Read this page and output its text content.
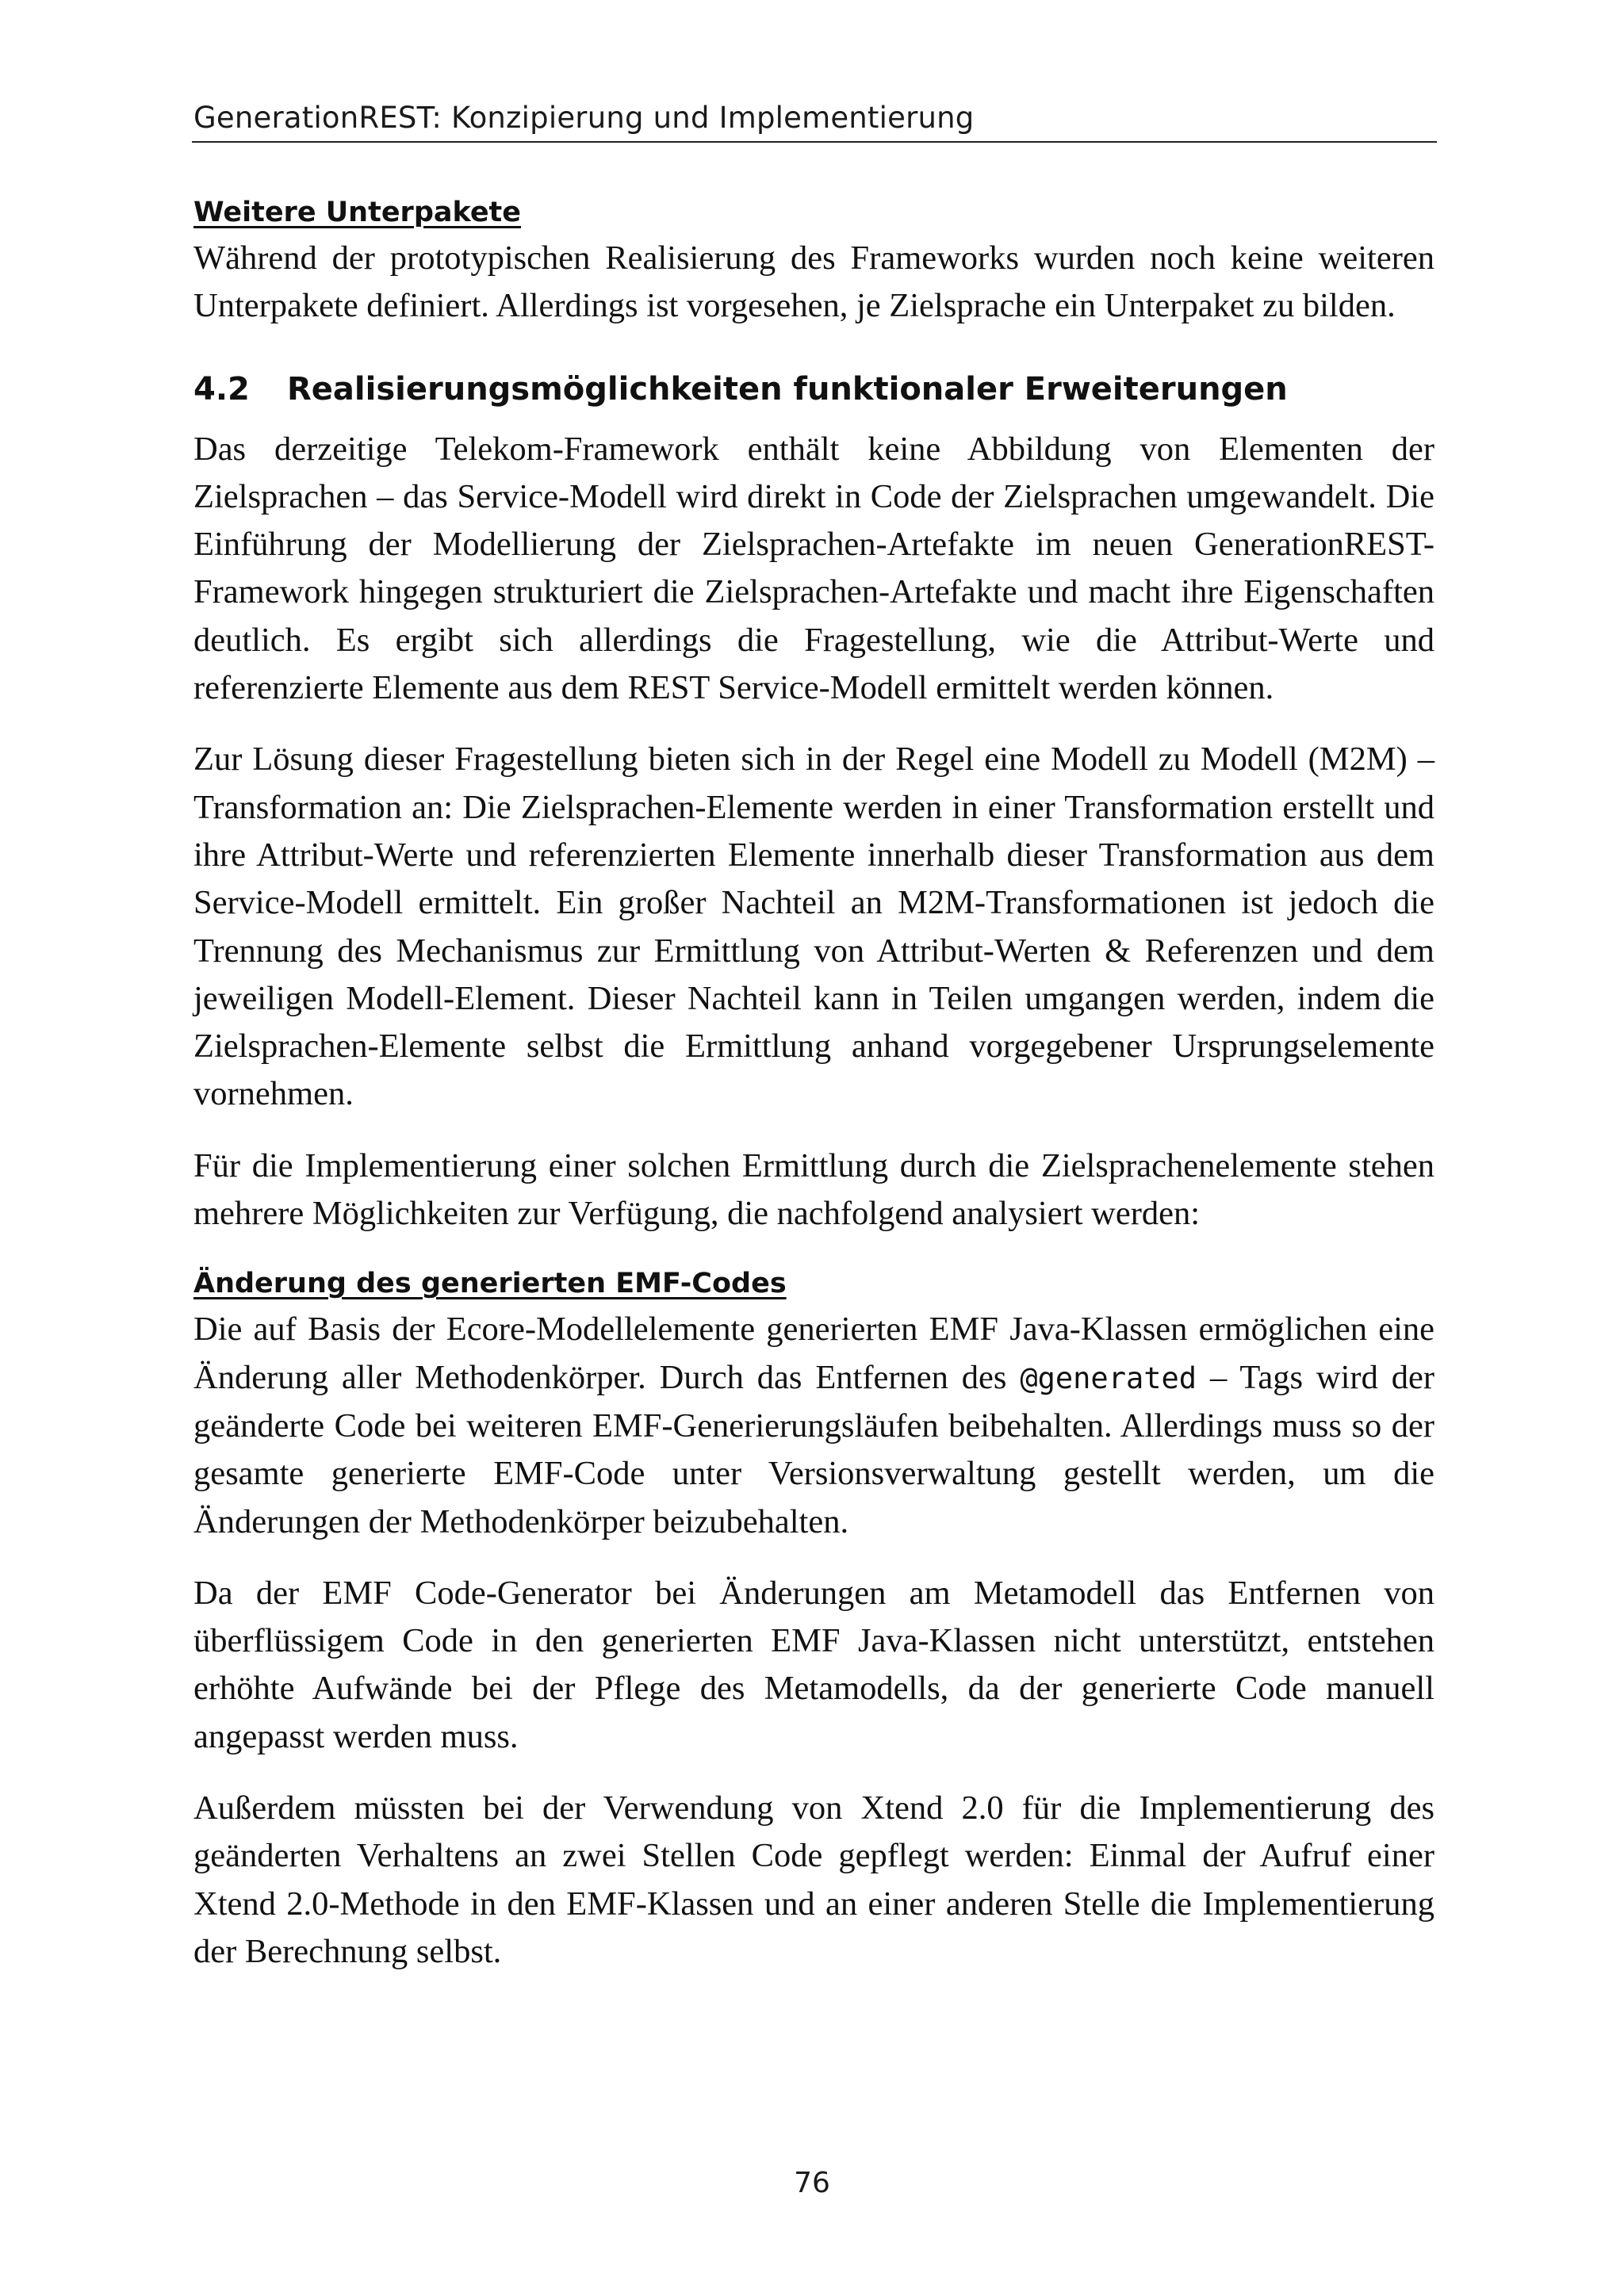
GenerationREST: Konzipierung und Implementierung
Weitere Unterpakete

Während der prototypischen Realisierung des Frameworks wurden noch keine weiteren Unterpakete definiert. Allerdings ist vorgesehen, je Zielsprache ein Unterpaket zu bilden.

4.2 Realisierungsmöglichkeiten funktionaler Erweiterungen

Das derzeitige Telekom-Framework enthält keine Abbildung von Elementen der Zielsprachen – das Service-Modell wird direkt in Code der Zielsprachen umgewandelt. Die Einführung der Modellierung der Zielsprachen-Artefakte im neuen GenerationREST-Framework hingegen strukturiert die Zielsprachen-Artefakte und macht ihre Eigenschaften deutlich. Es ergibt sich allerdings die Fragestellung, wie die Attribut-Werte und referenzierte Elemente aus dem REST Service-Modell ermittelt werden können.

Zur Lösung dieser Fragestellung bieten sich in der Regel eine Modell zu Modell (M2M) – Transformation an: Die Zielsprachen-Elemente werden in einer Transformation erstellt und ihre Attribut-Werte und referenzierten Elemente innerhalb dieser Transformation aus dem Service-Modell ermittelt. Ein großer Nachteil an M2M-Transformationen ist jedoch die Trennung des Mechanismus zur Ermittlung von Attribut-Werten & Referenzen und dem jeweiligen Modell-Element. Dieser Nachteil kann in Teilen umgangen werden, indem die Zielsprachen-Elemente selbst die Ermittlung anhand vorgegebener Ursprungselemente vornehmen.

Für die Implementierung einer solchen Ermittlung durch die Zielsprachenelemente stehen mehrere Möglichkeiten zur Verfügung, die nachfolgend analysiert werden:

Änderung des generierten EMF-Codes

Die auf Basis der Ecore-Modellelemente generierten EMF Java-Klassen ermöglichen eine Änderung aller Methodenkörper. Durch das Entfernen des @generated – Tags wird der geänderte Code bei weiteren EMF-Generierungsläufen beibehalten. Allerdings muss so der gesamte generierte EMF-Code unter Versionsverwaltung gestellt werden, um die Änderungen der Methodenkörper beizubehalten.

Da der EMF Code-Generator bei Änderungen am Metamodell das Entfernen von überflüssigem Code in den generierten EMF Java-Klassen nicht unterstützt, entstehen erhöhte Aufwände bei der Pflege des Metamodells, da der generierte Code manuell angepasst werden muss.

Außerdem müssten bei der Verwendung von Xtend 2.0 für die Implementierung des geänderten Verhaltens an zwei Stellen Code gepflegt werden: Einmal der Aufruf einer Xtend 2.0-Methode in den EMF-Klassen und an einer anderen Stelle die Implementierung der Berechnung selbst.

76
